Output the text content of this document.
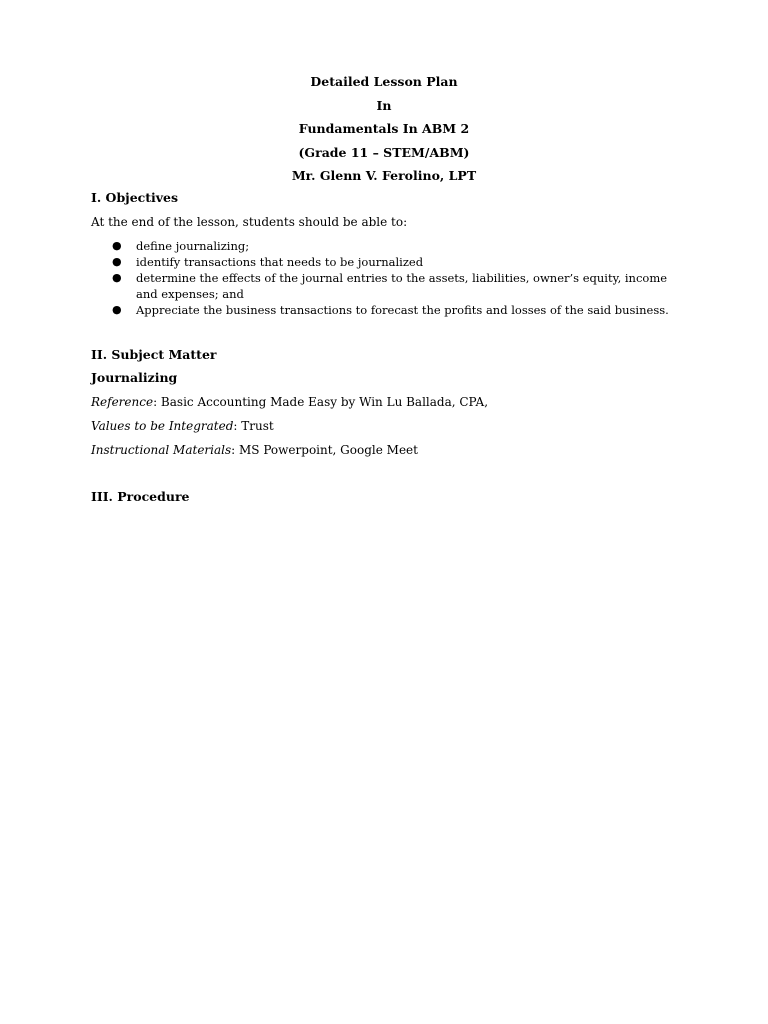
Detailed Lesson Plan
In
Fundamentals In ABM 2
(Grade 11 – STEM/ABM)
Mr. Glenn V. Ferolino, LPT
I. Objectives
At the end of the lesson, students should be able to:
● define journalizing;
● identify transactions that needs to be journalized
● determine the effects of the journal entries to the assets, liabilities, owner’s equity, income and expenses; and
● Appreciate the business transactions to forecast the profits and losses of the said business.
II. Subject Matter
Journalizing
Reference: Basic Accounting Made Easy by Win Lu Ballada, CPA,
Values to be Integrated: Trust
Instructional Materials: MS Powerpoint, Google Meet
III. Procedure
